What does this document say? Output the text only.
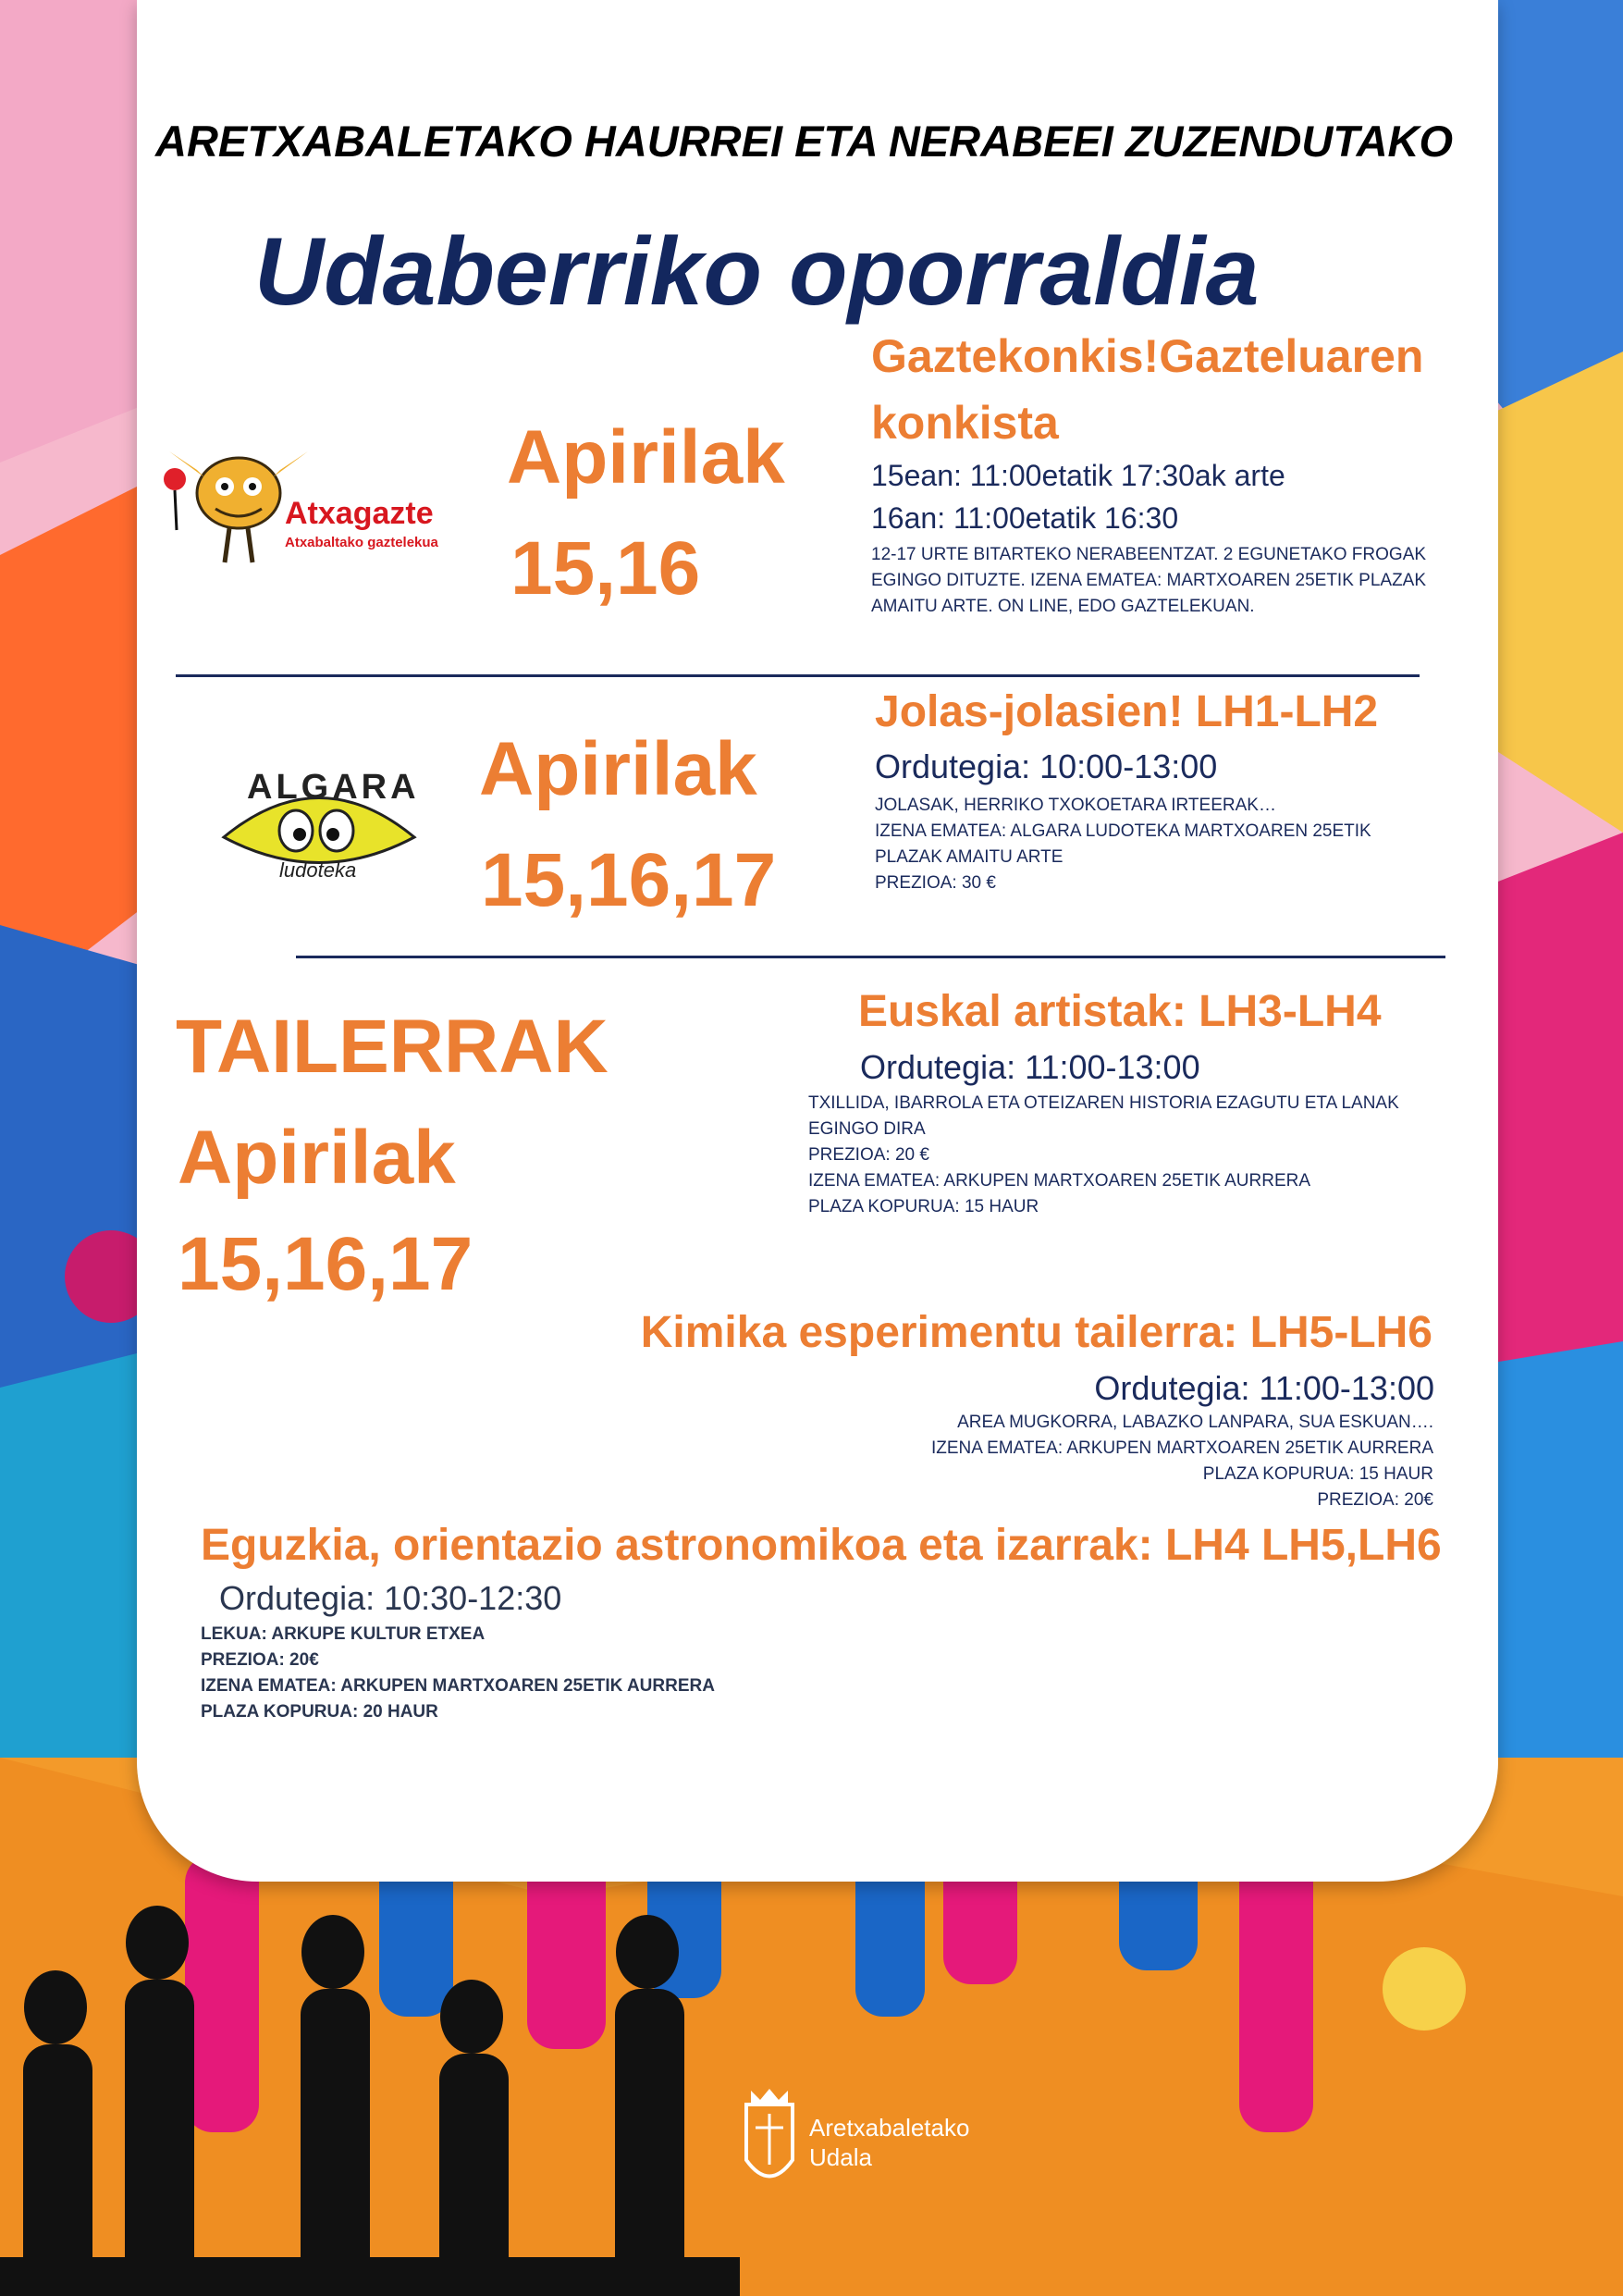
ARETXABALETAKO HAURREI ETA NERABEEI ZUZENDUTAKO
Udaberriko oporraldia
Atxagazte
Atxabaltako gaztelekua
Apirilak
15,16
Gaztekonkis!Gazteluaren
konkista
15ean: 11:00etatik 17:30ak arte
16an: 11:00etatik 16:30
12-17 URTE BITARTEKO NERABEENTZAT. 2 EGUNETAKO FROGAK EGINGO DITUZTE. IZENA EMATEA: MARTXOAREN 25ETIK PLAZAK AMAITU ARTE. ON LINE, EDO GAZTELEKUAN.
ALGARA
ludoteka
Apirilak
15,16,17
Jolas-jolasien! LH1-LH2
Ordutegia: 10:00-13:00
JOLASAK, HERRIKO TXOKOETARA IRTEERAK…
IZENA EMATEA: ALGARA LUDOTEKA MARTXOAREN 25ETIK
PLAZAK AMAITU ARTE
PREZIOA: 30 €
TAILERRAK
Apirilak
15,16,17
Euskal artistak: LH3-LH4
Ordutegia: 11:00-13:00
TXILLIDA, IBARROLA ETA OTEIZAREN HISTORIA EZAGUTU ETA LANAK
EGINGO DIRA
PREZIOA: 20 €
IZENA EMATEA: ARKUPEN MARTXOAREN 25ETIK AURRERA
PLAZA KOPURUA: 15 HAUR
Kimika esperimentu tailerra: LH5-LH6
Ordutegia: 11:00-13:00
AREA MUGKORRA, LABAZKO LANPARA, SUA ESKUAN….
IZENA EMATEA: ARKUPEN MARTXOAREN 25ETIK AURRERA
PLAZA KOPURUA: 15 HAUR
PREZIOA: 20€
Eguzkia, orientazio astronomikoa eta izarrak: LH4 LH5,LH6
Ordutegia: 10:30-12:30
LEKUA: ARKUPE KULTUR ETXEA
PREZIOA: 20€
IZENA EMATEA: ARKUPEN MARTXOAREN 25ETIK AURRERA
PLAZA KOPURUA: 20 HAUR
Aretxabaletako
Udala
